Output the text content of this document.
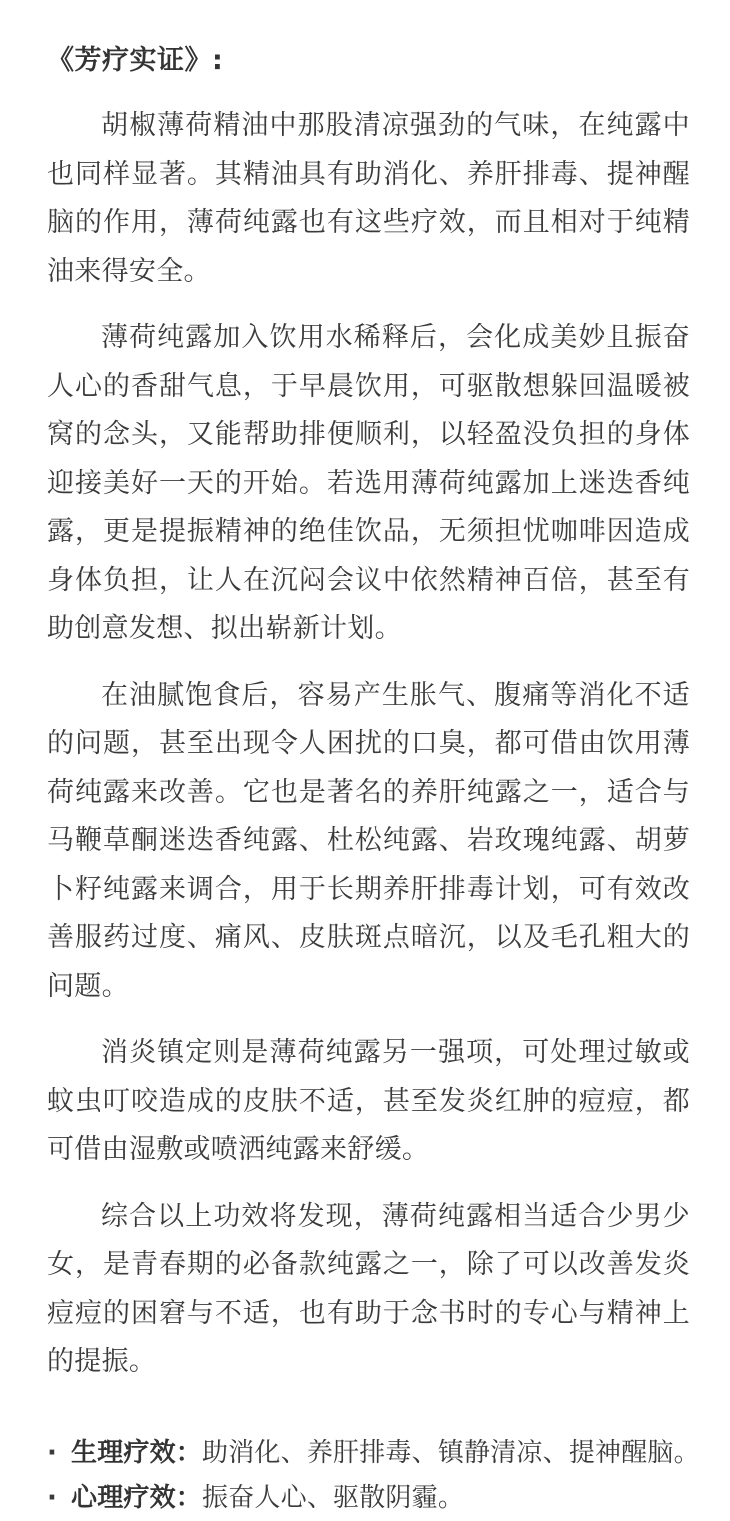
《芳疗实证》:

胡椒薄荷精油中那股清凉强劲的气味，在纯露中也同样显著。其精油具有助消化、养肝排毒、提神醒脑的作用，薄荷纯露也有这些疗效，而且相对于纯精油来得安全。

薄荷纯露加入饮用水稀释后，会化成美妙且振奋人心的香甜气息，于早晨饮用，可驱散想躲回温暖被窝的念头，又能帮助排便顺利，以轻盈没负担的身体迎接美好一天的开始。若选用薄荷纯露加上迷迭香纯露，更是提振精神的绝佳饮品，无须担忧咖啡因造成身体负担，让人在沉闷会议中依然精神百倍，甚至有助创意发想、拟出崭新计划。

在油腻饱食后，容易产生胀气、腹痛等消化不适的问题，甚至出现令人困扰的口臭，都可借由饮用薄荷纯露来改善。它也是著名的养肝纯露之一，适合与马鞭草酮迷迭香纯露、杜松纯露、岩玫瑰纯露、胡萝卜籽纯露来调合，用于长期养肝排毒计划，可有效改善服药过度、痛风、皮肤斑点暗沉，以及毛孔粗大的问题。

消炎镇定则是薄荷纯露另一强项，可处理过敏或蚊虫叮咬造成的皮肤不适，甚至发炎红肿的痘痘，都可借由湿敷或喷洒纯露来舒缓。

综合以上功效将发现，薄荷纯露相当适合少男少女，是青春期的必备款纯露之一，除了可以改善发炎痘痘的困窘与不适，也有助于念书时的专心与精神上的提振。

· 生理疗效：助消化、养肝排毒、镇静清凉、提神醒脑。
· 心理疗效：振奋人心、驱散阴霾。
